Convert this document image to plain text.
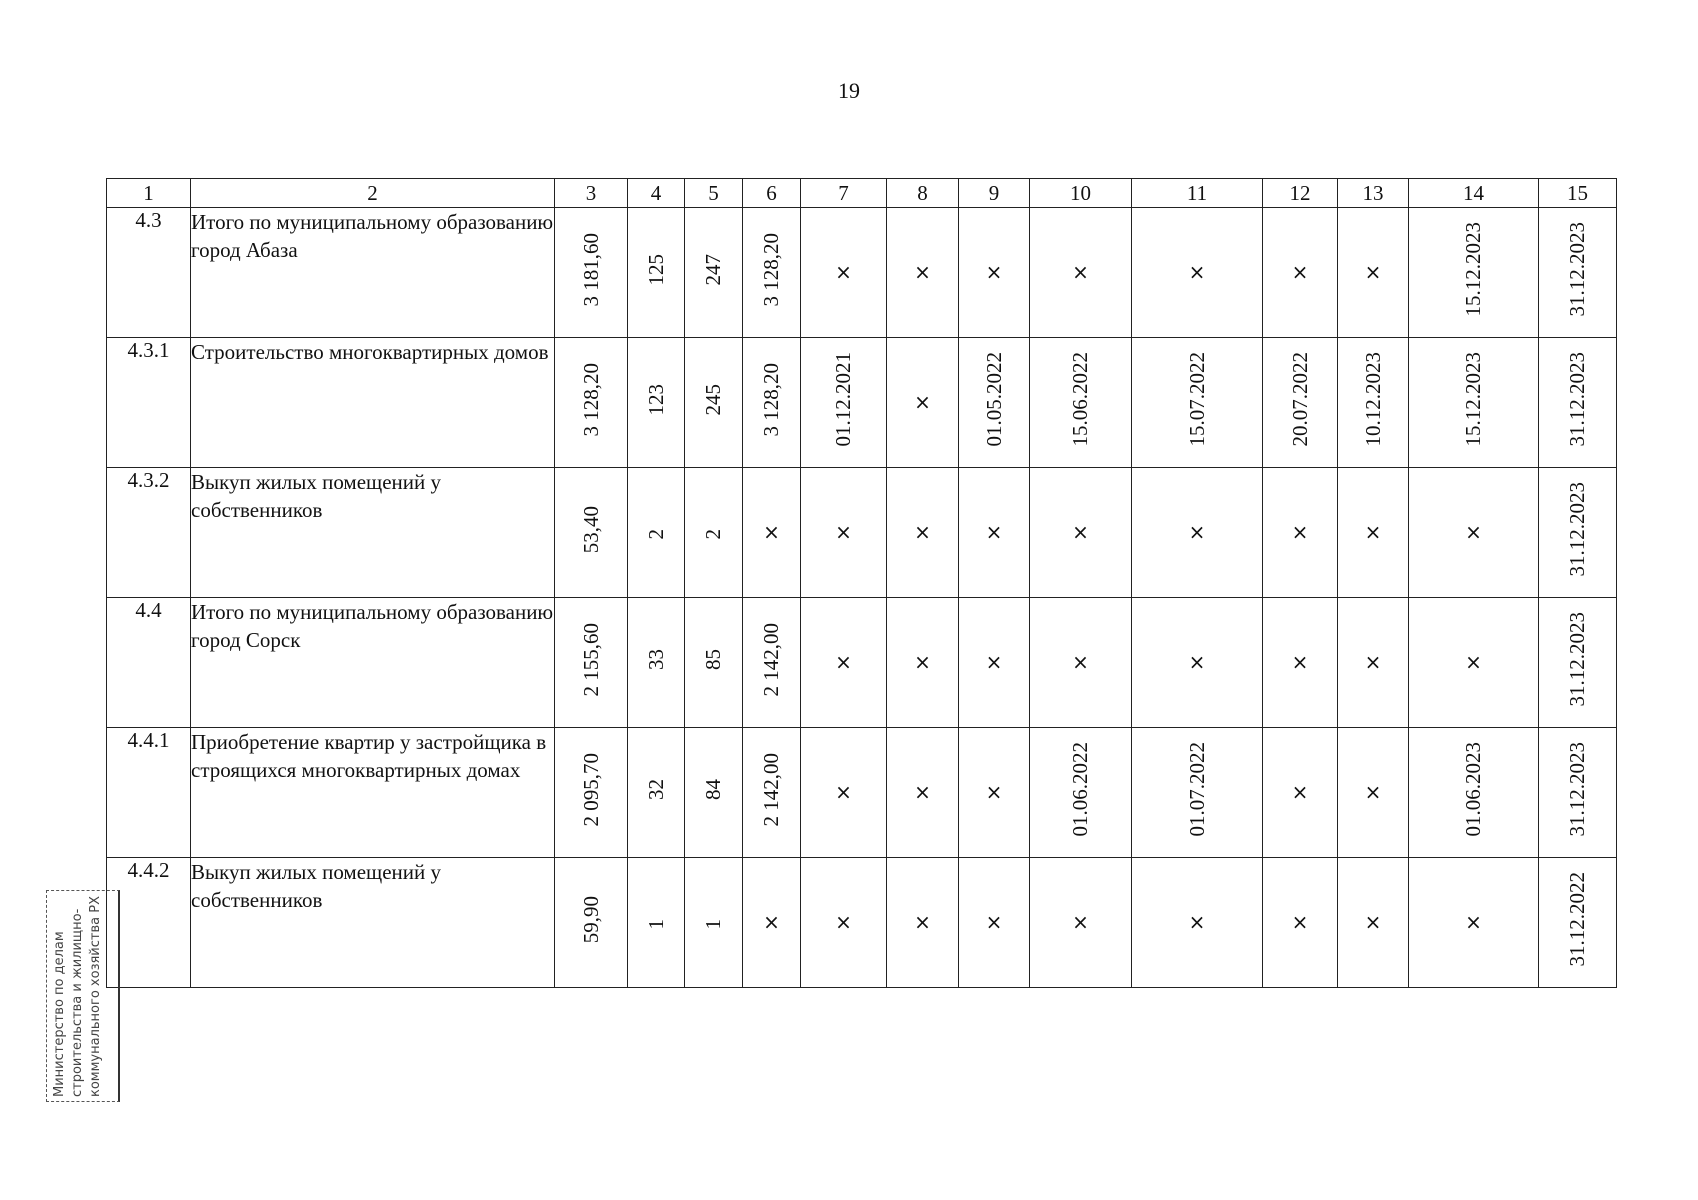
19
1	2	3	4	5	6	7	8	9	10	11	12	13	14	15
4.3	Итого по муниципальному образованию город Абаза	3 181,60	125	247	3 128,20	×	×	×	×	×	×	×	15.12.2023	31.12.2023
4.3.1	Строительство многоквартирных домов	3 128,20	123	245	3 128,20	01.12.2021	×	01.05.2022	15.06.2022	15.07.2022	20.07.2022	10.12.2023	15.12.2023	31.12.2023
4.3.2	Выкуп жилых помещений у собственников	53,40	2	2	×	×	×	×	×	×	×	×	×	31.12.2023
4.4	Итого по муниципальному образованию город Сорск	2 155,60	33	85	2 142,00	×	×	×	×	×	×	×	×	31.12.2023
4.4.1	Приобретение квартир у застройщика в строящихся многоквартирных домах	2 095,70	32	84	2 142,00	×	×	×	01.06.2022	01.07.2022	×	×	01.06.2023	31.12.2023
4.4.2	Выкуп жилых помещений у собственников	59,90	1	1	×	×	×	×	×	×	×	×	×	31.12.2022
Министерство по делам строительства и жилищно- коммунального хозяйства РХ
